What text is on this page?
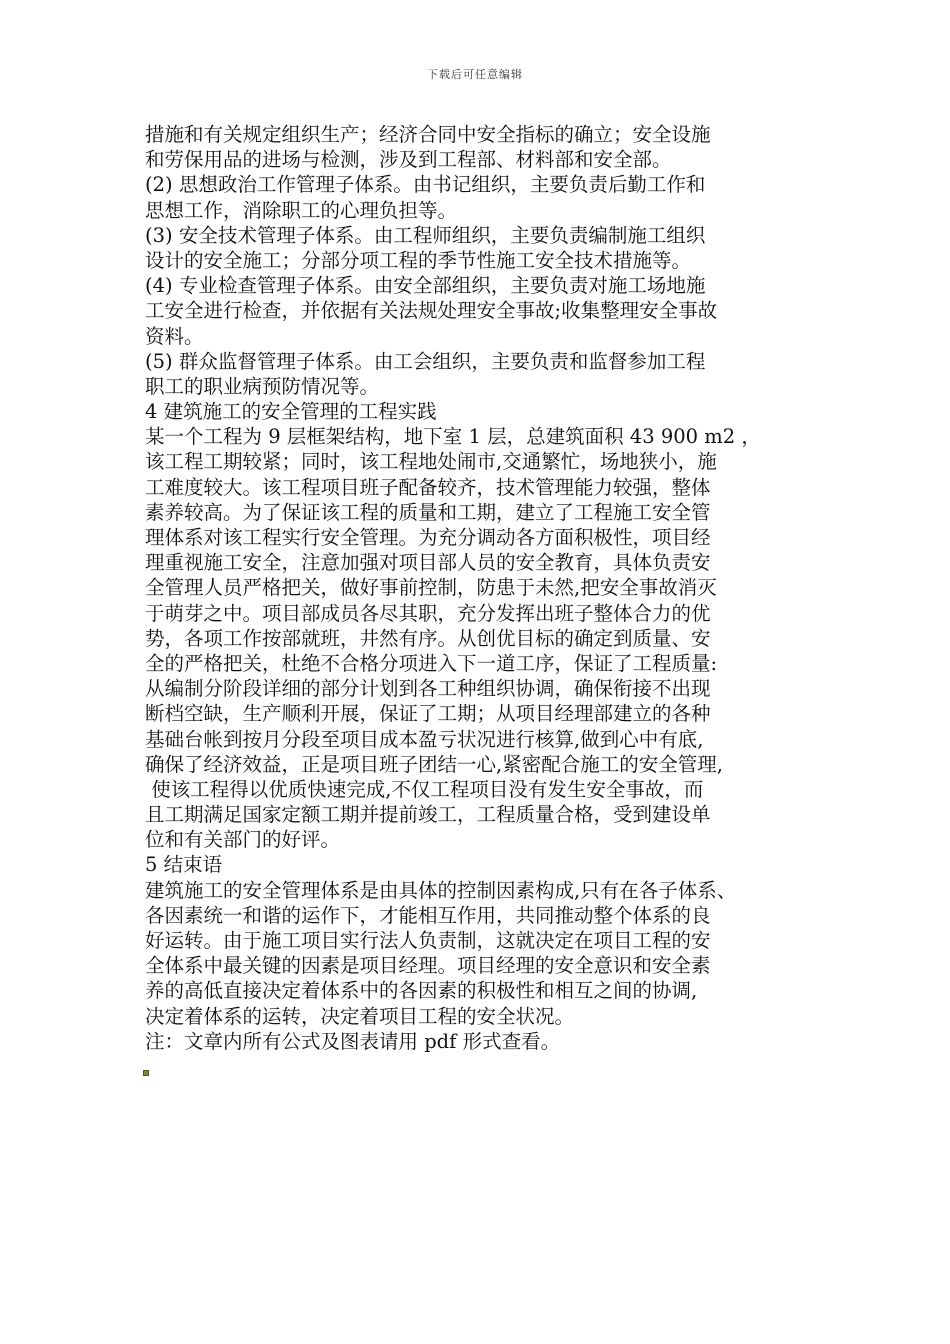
下载后可任意编辑
措施和有关规定组织生产；经济合同中安全指标的确立；安全设施
和劳保用品的进场与检测，涉及到工程部、材料部和安全部。
(2) 思想政治工作管理子体系。由书记组织，主要负责后勤工作和
思想工作，消除职工的心理负担等。
(3) 安全技术管理子体系。由工程师组织，主要负责编制施工组织
设计的安全施工；分部分项工程的季节性施工安全技术措施等。
(4) 专业检查管理子体系。由安全部组织，主要负责对施工场地施
工安全进行检查，并依据有关法规处理安全事故;收集整理安全事故
资料。
(5) 群众监督管理子体系。由工会组织，主要负责和监督参加工程
职工的职业病预防情况等。
4 建筑施工的安全管理的工程实践
某一个工程为 9 层框架结构，地下室 1 层，总建筑面积 43 900 m2 ，
该工程工期较紧；同时，该工程地处闹市,交通繁忙，场地狭小，施
工难度较大。该工程项目班子配备较齐，技术管理能力较强，整体
素养较高。为了保证该工程的质量和工期，建立了工程施工安全管
理体系对该工程实行安全管理。为充分调动各方面积极性，项目经
理重视施工安全，注意加强对项目部人员的安全教育，具体负责安
全管理人员严格把关，做好事前控制，防患于未然,把安全事故消灭
于萌芽之中。项目部成员各尽其职，充分发挥出班子整体合力的优
势，各项工作按部就班，井然有序。从创优目标的确定到质量、安
全的严格把关，杜绝不合格分项进入下一道工序，保证了工程质量:
从编制分阶段详细的部分计划到各工种组织协调，确保衔接不出现
断档空缺，生产顺利开展，保证了工期；从项目经理部建立的各种
基础台帐到按月分段至项目成本盈亏状况进行核算,做到心中有底,
确保了经济效益，正是项目班子团结一心,紧密配合施工的安全管理,
使该工程得以优质快速完成,不仅工程项目没有发生安全事故，而
且工期满足国家定额工期并提前竣工，工程质量合格，受到建设单
位和有关部门的好评。
5 结束语
建筑施工的安全管理体系是由具体的控制因素构成,只有在各子体系、
各因素统一和谐的运作下，才能相互作用，共同推动整个体系的良
好运转。由于施工项目实行法人负责制，这就决定在项目工程的安
全体系中最关键的因素是项目经理。项目经理的安全意识和安全素
养的高低直接决定着体系中的各因素的积极性和相互之间的协调,
决定着体系的运转，决定着项目工程的安全状况。
注：文章内所有公式及图表请用 pdf 形式查看。
